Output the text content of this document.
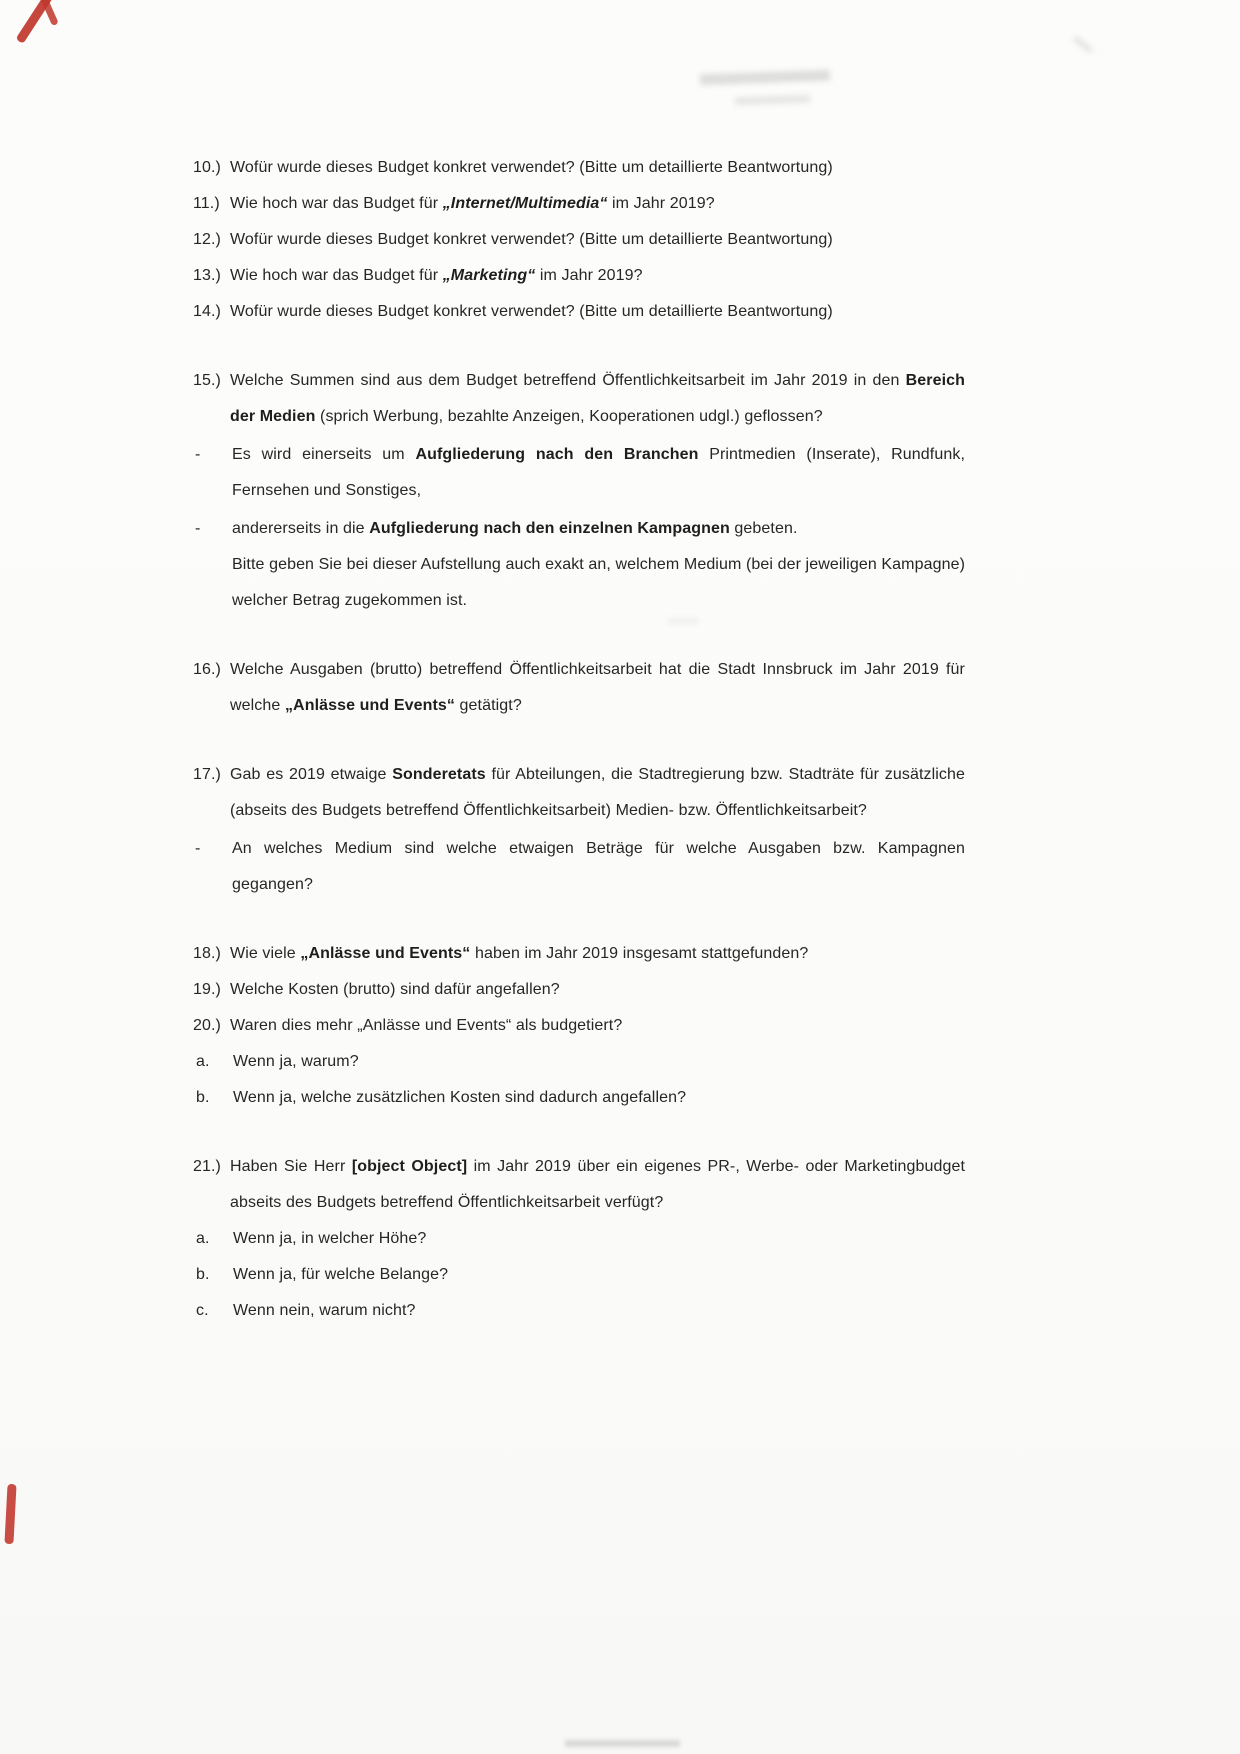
10.) Wofür wurde dieses Budget konkret verwendet? (Bitte um detaillierte Beantwortung)
11.) Wie hoch war das Budget für „Internet/Multimedia“ im Jahr 2019?
12.) Wofür wurde dieses Budget konkret verwendet? (Bitte um detaillierte Beantwortung)
13.) Wie hoch war das Budget für „Marketing“ im Jahr 2019?
14.) Wofür wurde dieses Budget konkret verwendet? (Bitte um detaillierte Beantwortung)
15.) Welche Summen sind aus dem Budget betreffend Öffentlichkeitsarbeit im Jahr 2019 in den Bereich der Medien (sprich Werbung, bezahlte Anzeigen, Kooperationen udgl.) geflossen?
-	Es wird einerseits um Aufgliederung nach den Branchen Printmedien (Inserate), Rundfunk, Fernsehen und Sonstiges,
-	andererseits in die Aufgliederung nach den einzelnen Kampagnen gebeten.
Bitte geben Sie bei dieser Aufstellung auch exakt an, welchem Medium (bei der jeweiligen Kampagne) welcher Betrag zugekommen ist.
16.) Welche Ausgaben (brutto) betreffend Öffentlichkeitsarbeit hat die Stadt Innsbruck im Jahr 2019 für welche „Anlässe und Events“ getätigt?
17.) Gab es 2019 etwaige Sonderetats für Abteilungen, die Stadtregierung bzw. Stadträte für zusätzliche (abseits des Budgets betreffend Öffentlichkeitsarbeit) Medien- bzw. Öffentlichkeitsarbeit?
-	An welches Medium sind welche etwaigen Beträge für welche Ausgaben bzw. Kampagnen gegangen?
18.) Wie viele „Anlässe und Events“ haben im Jahr 2019 insgesamt stattgefunden?
19.) Welche Kosten (brutto) sind dafür angefallen?
20.) Waren dies mehr „Anlässe und Events“ als budgetiert?
a.	Wenn ja, warum?
b.	Wenn ja, welche zusätzlichen Kosten sind dadurch angefallen?
21.) Haben Sie Herr [object Object] im Jahr 2019 über ein eigenes PR-, Werbe- oder Marketingbudget abseits des Budgets betreffend Öffentlichkeitsarbeit verfügt?
a.	Wenn ja, in welcher Höhe?
b.	Wenn ja, für welche Belange?
c.	Wenn nein, warum nicht?
